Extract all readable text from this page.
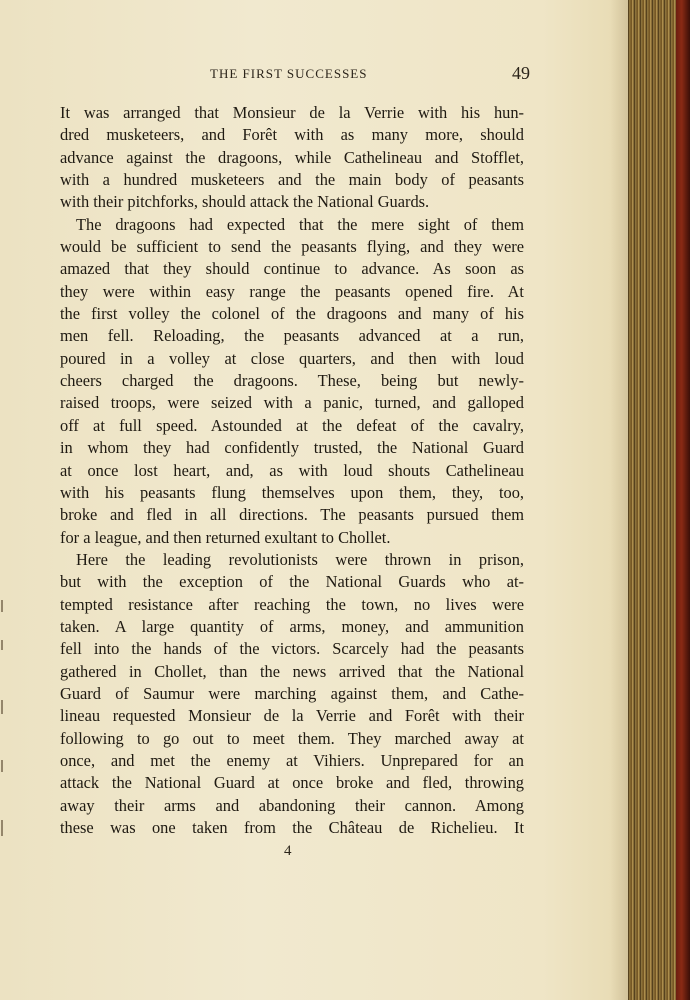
THE FIRST SUCCESSES	49
It was arranged that Monsieur de la Verrie with his hun-
dred musketeers, and Forêt with as many more, should
advance against the dragoons, while Cathelineau and Stofflet,
with a hundred musketeers and the main body of peasants
with their pitchforks, should attack the National Guards.
The dragoons had expected that the mere sight of them
would be sufficient to send the peasants flying, and they were
amazed that they should continue to advance. As soon as
they were within easy range the peasants opened fire. At
the first volley the colonel of the dragoons and many of his
men fell. Reloading, the peasants advanced at a run,
poured in a volley at close quarters, and then with loud
cheers charged the dragoons. These, being but newly-
raised troops, were seized with a panic, turned, and galloped
off at full speed. Astounded at the defeat of the cavalry,
in whom they had confidently trusted, the National Guard
at once lost heart, and, as with loud shouts Cathelineau
with his peasants flung themselves upon them, they, too,
broke and fled in all directions. The peasants pursued them
for a league, and then returned exultant to Chollet.
Here the leading revolutionists were thrown in prison,
but with the exception of the National Guards who at-
tempted resistance after reaching the town, no lives were
taken. A large quantity of arms, money, and ammunition
fell into the hands of the victors. Scarcely had the peasants
gathered in Chollet, than the news arrived that the National
Guard of Saumur were marching against them, and Cathe-
lineau requested Monsieur de la Verrie and Forêt with their
following to go out to meet them. They marched away at
once, and met the enemy at Vihiers. Unprepared for an
attack the National Guard at once broke and fled, throwing
away their arms and abandoning their cannon. Among
these was one taken from the Château de Richelieu. It
4
